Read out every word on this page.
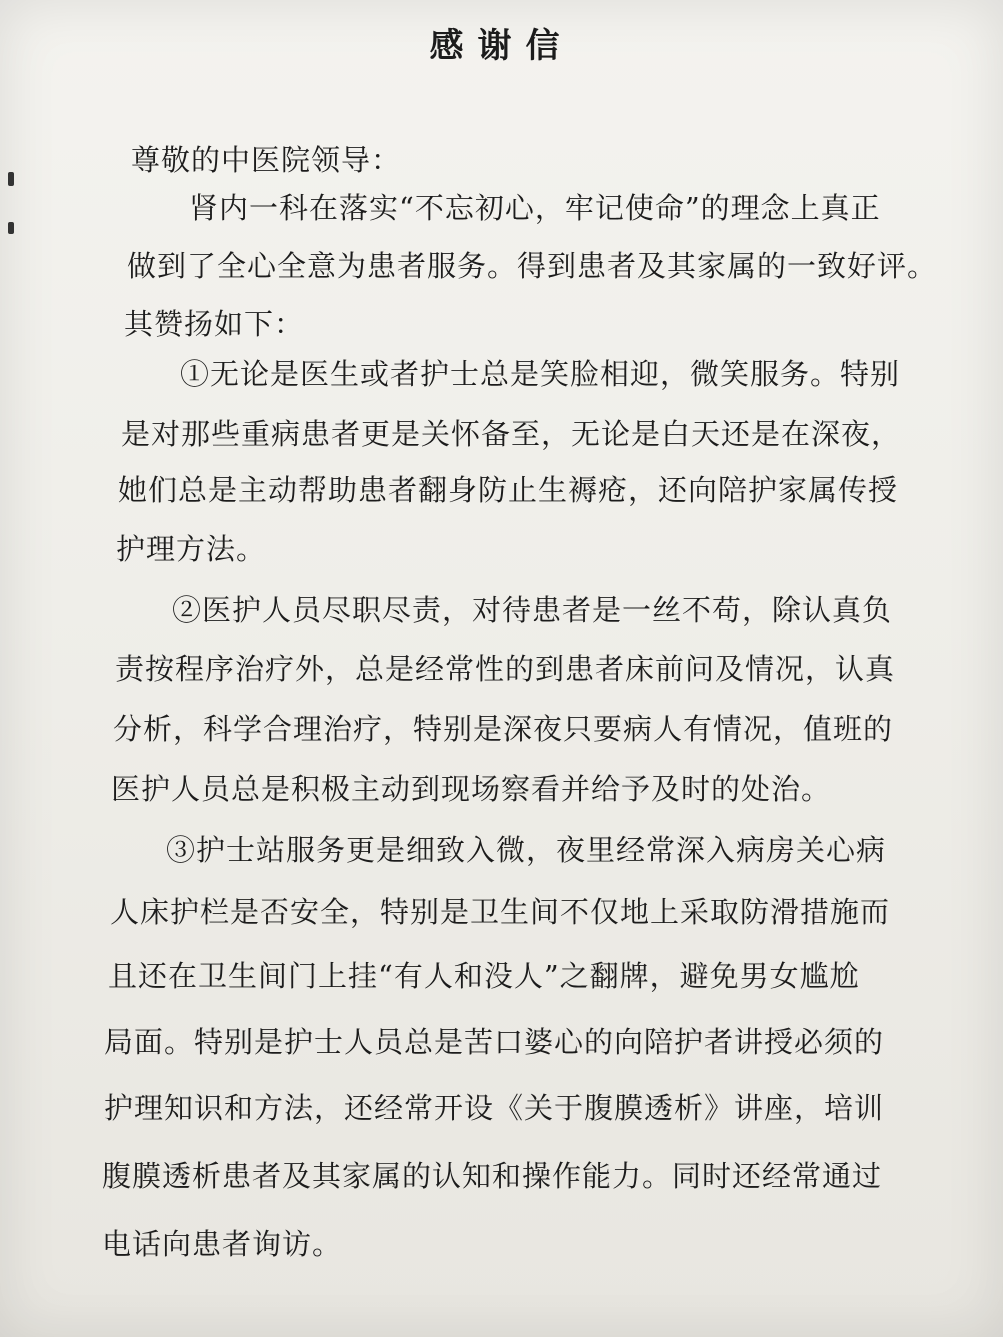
感谢信
尊敬的中医院领导：
肾内一科在落实“不忘初心，牢记使命”的理念上真正
做到了全心全意为患者服务。得到患者及其家属的一致好评。
其赞扬如下：
①无论是医生或者护士总是笑脸相迎，微笑服务。特别
是对那些重病患者更是关怀备至，无论是白天还是在深夜，
她们总是主动帮助患者翻身防止生褥疮，还向陪护家属传授
护理方法。
②医护人员尽职尽责，对待患者是一丝不苟，除认真负
责按程序治疗外，总是经常性的到患者床前问及情况，认真
分析，科学合理治疗，特别是深夜只要病人有情况，值班的
医护人员总是积极主动到现场察看并给予及时的处治。
③护士站服务更是细致入微，夜里经常深入病房关心病
人床护栏是否安全，特别是卫生间不仅地上采取防滑措施而
且还在卫生间门上挂“有人和没人”之翻牌，避免男女尴尬
局面。特别是护士人员总是苦口婆心的向陪护者讲授必须的
护理知识和方法，还经常开设《关于腹膜透析》讲座，培训
腹膜透析患者及其家属的认知和操作能力。同时还经常通过
电话向患者询访。
